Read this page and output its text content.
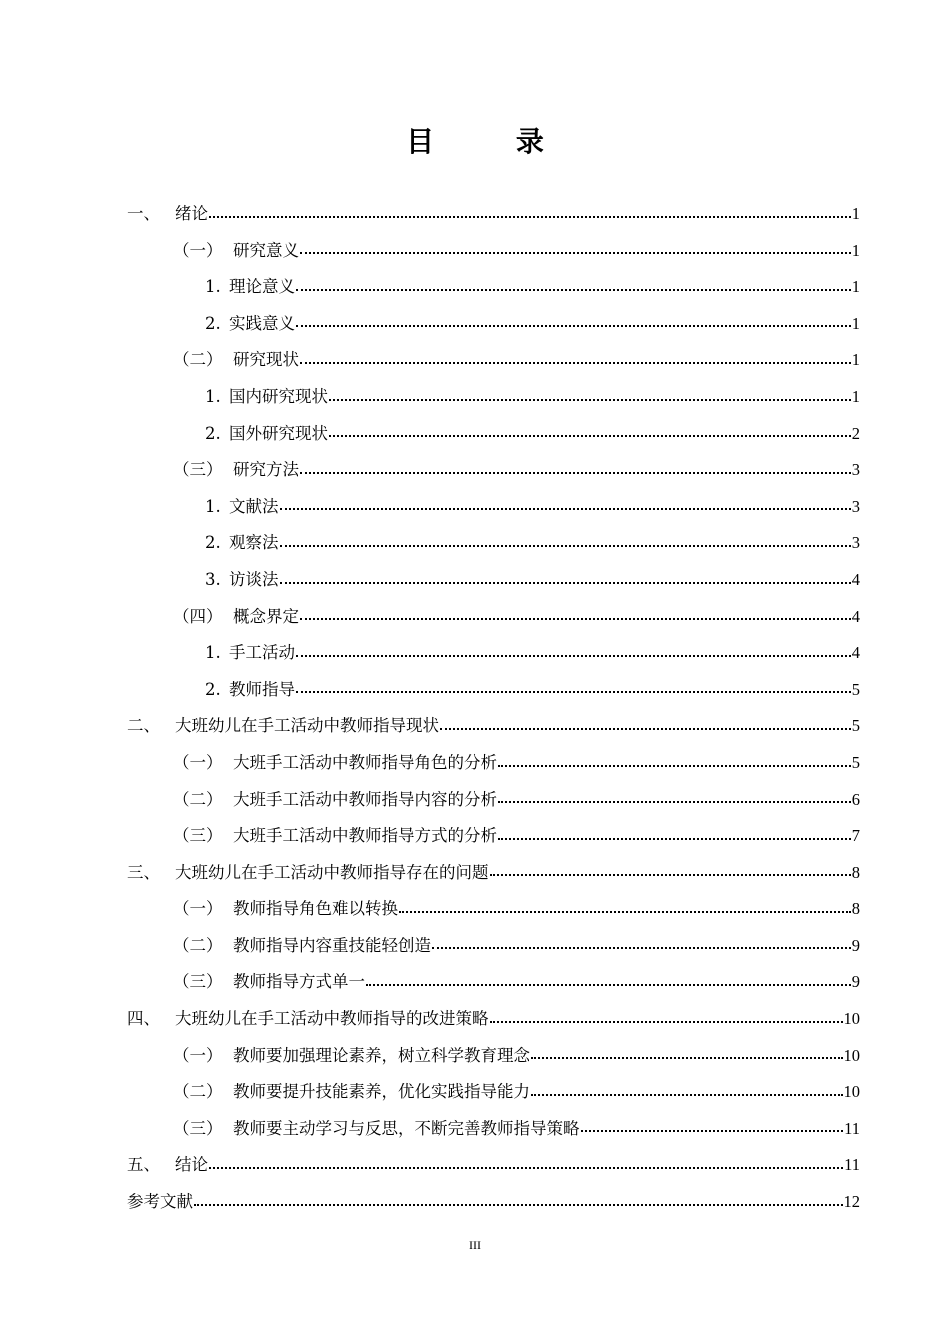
目 录
一、 绪论	1
（一） 研究意义	1
1. 理论意义	1
2. 实践意义	1
（二） 研究现状	1
1. 国内研究现状	1
2. 国外研究现状	2
（三） 研究方法	3
1. 文献法	3
2. 观察法	3
3. 访谈法	4
（四） 概念界定	4
1. 手工活动	4
2. 教师指导	5
二、 大班幼儿在手工活动中教师指导现状	5
（一） 大班手工活动中教师指导角色的分析	5
（二） 大班手工活动中教师指导内容的分析	6
（三） 大班手工活动中教师指导方式的分析	7
三、 大班幼儿在手工活动中教师指导存在的问题	8
（一） 教师指导角色难以转换	8
（二） 教师指导内容重技能轻创造	9
（三） 教师指导方式单一	9
四、 大班幼儿在手工活动中教师指导的改进策略	10
（一） 教师要加强理论素养，树立科学教育理念	10
（二） 教师要提升技能素养，优化实践指导能力	10
（三） 教师要主动学习与反思，不断完善教师指导策略	11
五、 结论	11
参考文献	12
III
